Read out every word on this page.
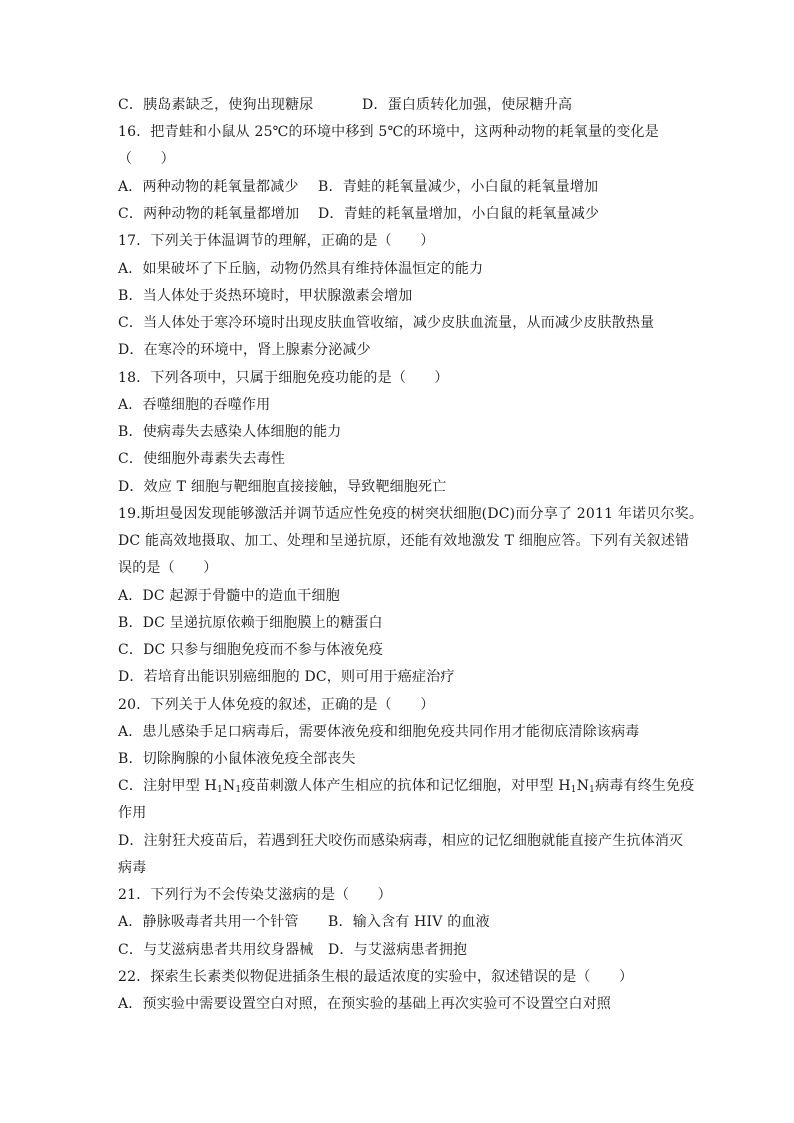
C．胰岛素缺乏，使狗出现糖尿	D．蛋白质转化加强，使尿糖升高
16．把青蛙和小鼠从 25℃的环境中移到 5℃的环境中，这两种动物的耗氧量的变化是
（　　）
A．两种动物的耗氧量都减少 B．青蛙的耗氧量减少，小白鼠的耗氧量增加
C．两种动物的耗氧量都增加 D．青蛙的耗氧量增加，小白鼠的耗氧量减少
17．下列关于体温调节的理解，正确的是（　　）
A．如果破坏了下丘脑，动物仍然具有维持体温恒定的能力
B．当人体处于炎热环境时，甲状腺激素会增加
C．当人体处于寒冷环境时出现皮肤血管收缩，减少皮肤血流量，从而减少皮肤散热量
D．在寒冷的环境中，肾上腺素分泌减少
18．下列各项中，只属于细胞免疫功能的是（　　）
A．吞噬细胞的吞噬作用
B．使病毒失去感染人体细胞的能力
C．使细胞外毒素失去毒性
D．效应 T 细胞与靶细胞直接接触，导致靶细胞死亡
19.斯坦曼因发现能够激活并调节适应性免疫的树突状细胞(DC)而分享了 2011 年诺贝尔奖。
DC 能高效地摄取、加工、处理和呈递抗原，还能有效地激发 T 细胞应答。下列有关叙述错
误的是（　　）
A．DC 起源于骨髓中的造血干细胞
B．DC 呈递抗原依赖于细胞膜上的糖蛋白
C．DC 只参与细胞免疫而不参与体液免疫
D．若培育出能识别癌细胞的 DC，则可用于癌症治疗
20．下列关于人体免疫的叙述，正确的是（　　）
A．患儿感染手足口病毒后，需要体液免疫和细胞免疫共同作用才能彻底清除该病毒
B．切除胸腺的小鼠体液免疫全部丧失
C．注射甲型 $H_1N_1$疫苗刺激人体产生相应的抗体和记忆细胞，对甲型 $H_1N_1$病毒有终生免疫
作用
D．注射狂犬疫苗后，若遇到狂犬咬伤而感染病毒，相应的记忆细胞就能直接产生抗体消灭
病毒
21．下列行为不会传染艾滋病的是（　　）
A．静脉吸毒者共用一个针管 B．输入含有 HIV 的血液
C．与艾滋病患者共用纹身器械 D．与艾滋病患者拥抱
22．探索生长素类似物促进插条生根的最适浓度的实验中，叙述错误的是（　　）
A．预实验中需要设置空白对照，在预实验的基础上再次实验可不设置空白对照
